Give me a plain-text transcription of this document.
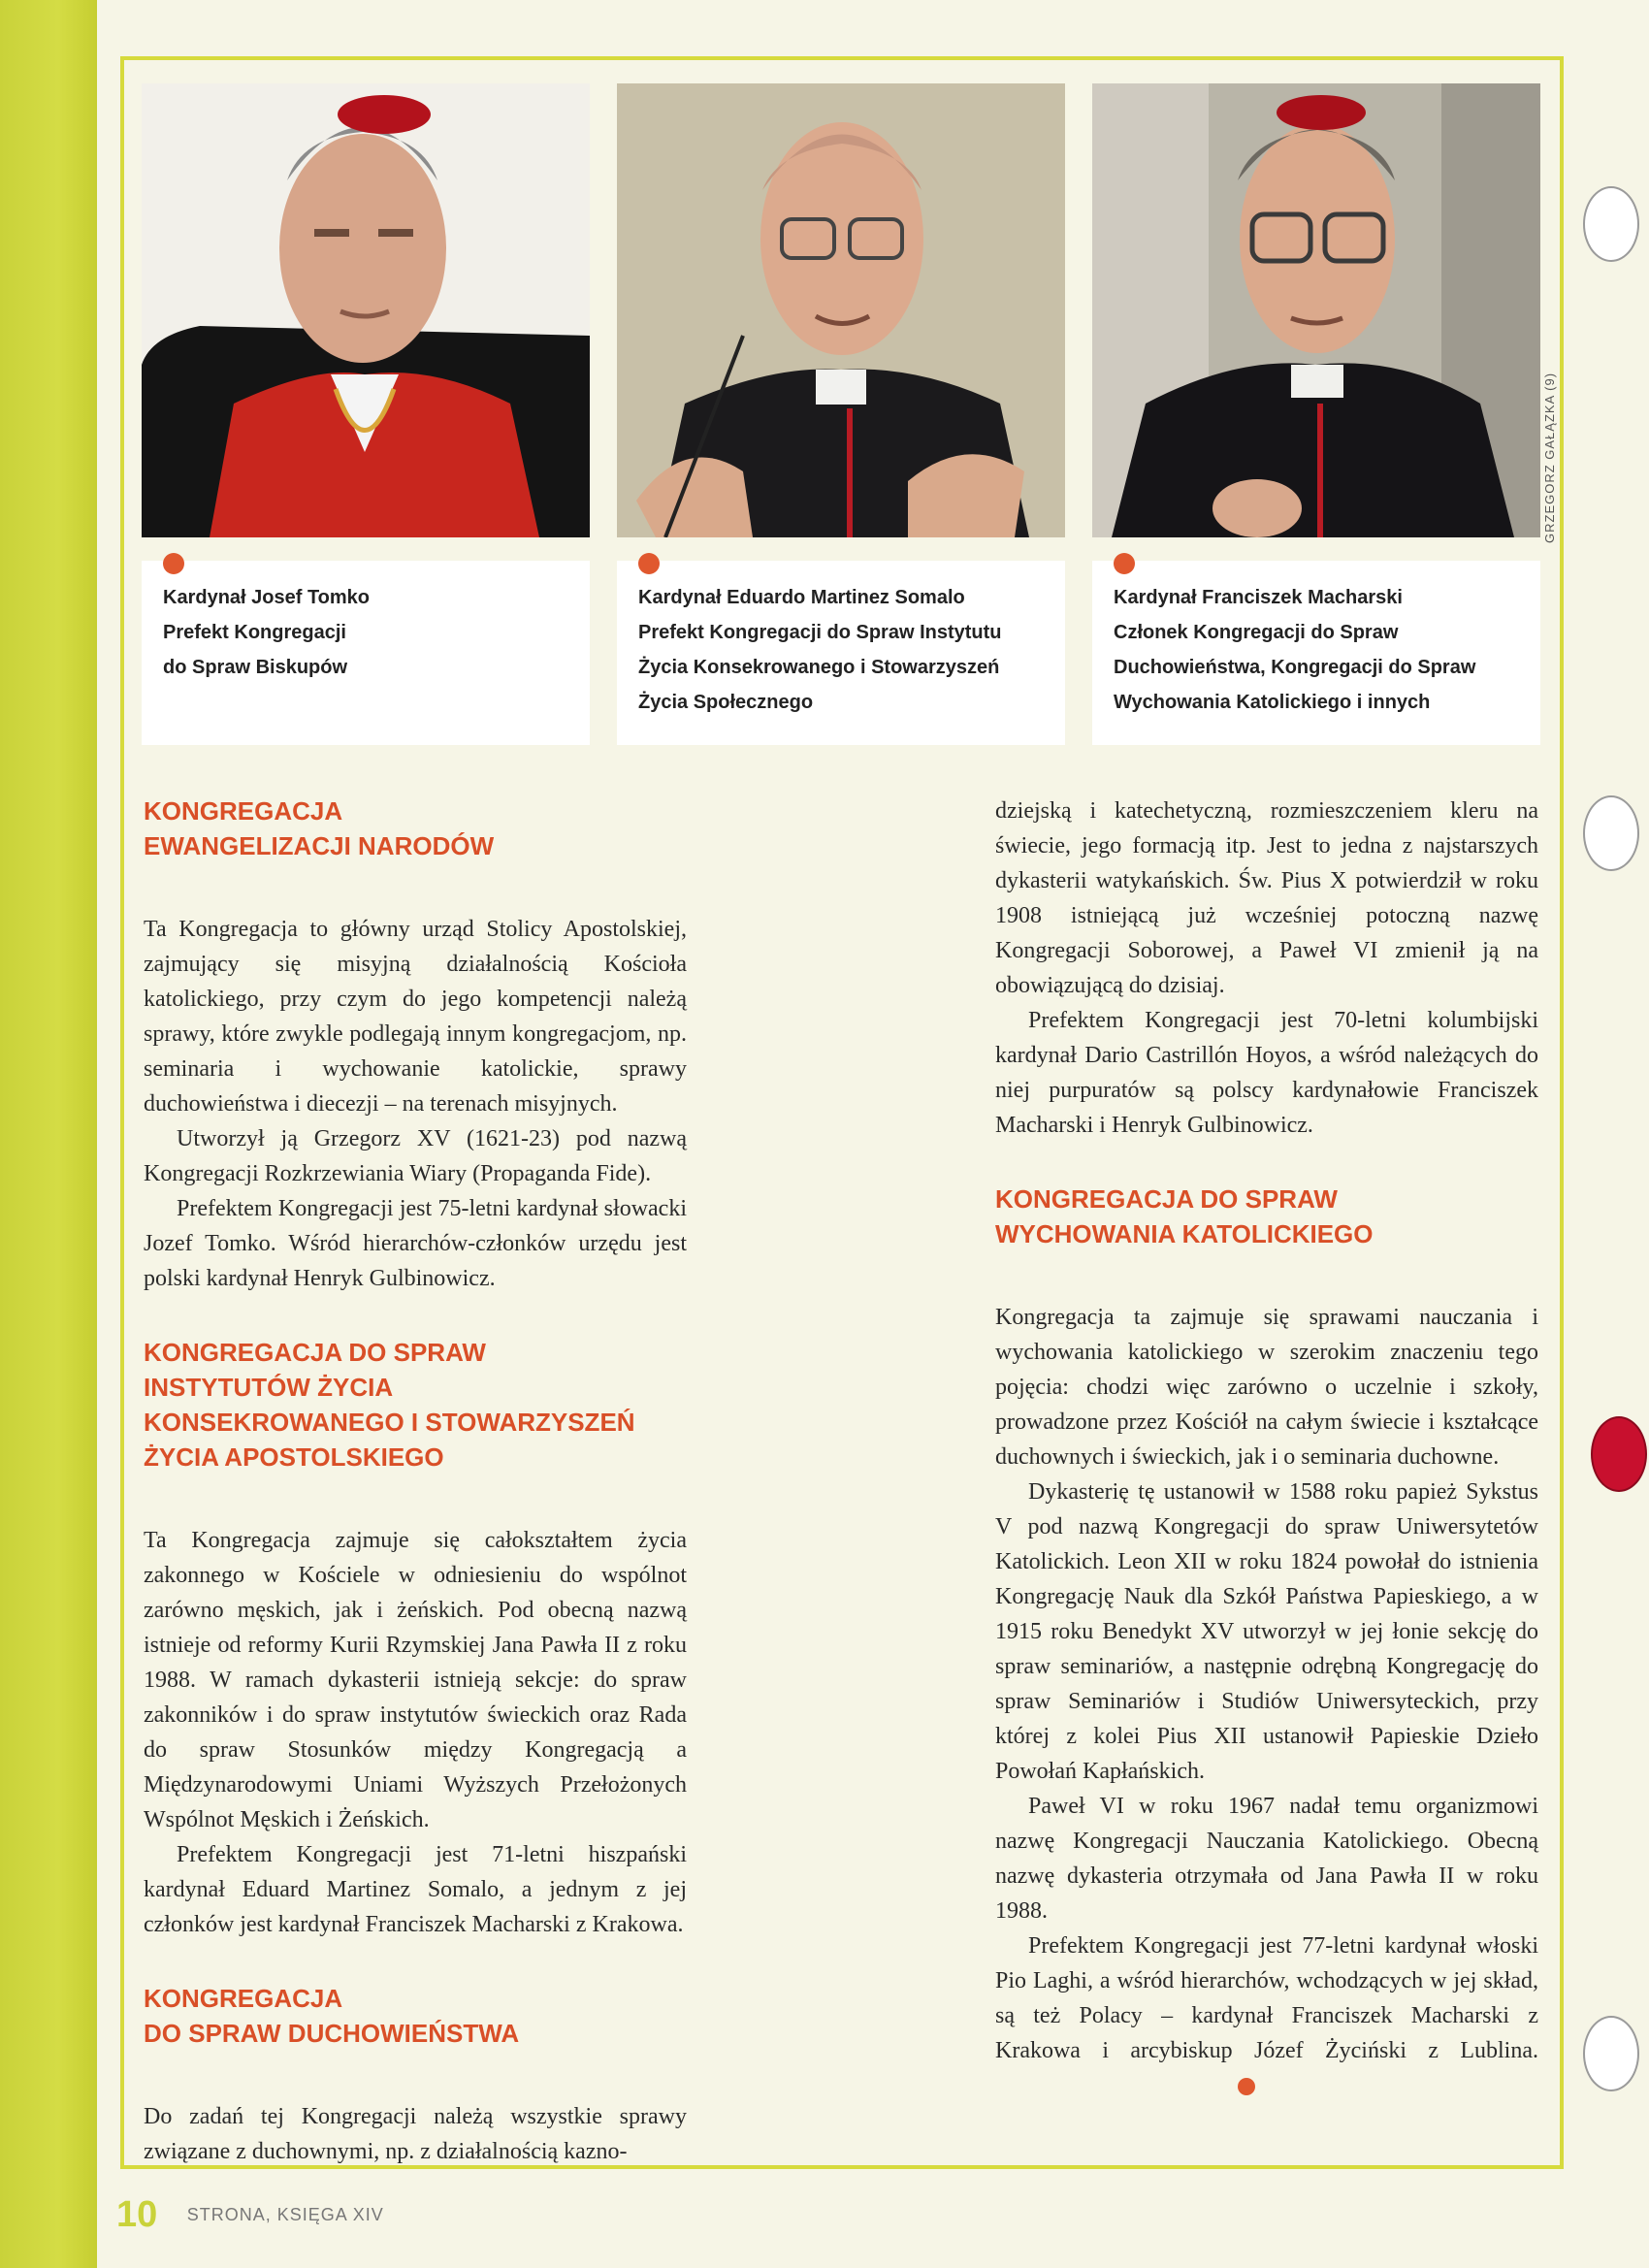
GRZEGORZ GAŁĄZKA (9)
Kardynał Josef Tomko
Prefekt Kongregacji
do Spraw Biskupów
Kardynał Eduardo Martinez Somalo
Prefekt Kongregacji do Spraw Instytutu
Życia Konsekrowanego i Stowarzyszeń
Życia Społecznego
Kardynał Franciszek Macharski
Członek Kongregacji do Spraw
Duchowieństwa, Kongregacji do Spraw
Wychowania Katolickiego i innych
KONGREGACJA
EWANGELIZACJI NARODÓW

Ta Kongregacja to główny urząd Stolicy Apostolskiej, zajmujący się misyjną działalnością Kościoła katolickiego, przy czym do jego kompetencji należą sprawy, które zwykle podlegają innym kongregacjom, np. seminaria i wychowanie katolickie, sprawy duchowieństwa i diecezji – na terenach misyjnych.

Utworzył ją Grzegorz XV (1621-23) pod nazwą Kongregacji Rozkrzewiania Wiary (Propaganda Fide).

Prefektem Kongregacji jest 75-letni kardynał słowacki Jozef Tomko. Wśród hierarchów-członków urzędu jest polski kardynał Henryk Gulbinowicz.

KONGREGACJA DO SPRAW
INSTYTUTÓW ŻYCIA
KONSEKROWANEGO I STOWARZYSZEŃ
ŻYCIA APOSTOLSKIEGO

Ta Kongregacja zajmuje się całokształtem życia zakonnego w Kościele w odniesieniu do wspólnot zarówno męskich, jak i żeńskich. Pod obecną nazwą istnieje od reformy Kurii Rzymskiej Jana Pawła II z roku 1988. W ramach dykasterii istnieją sekcje: do spraw zakonników i do spraw instytutów świeckich oraz Rada do spraw Stosunków między Kongregacją a Międzynarodowymi Uniami Wyższych Przełożonych Wspólnot Męskich i Żeńskich.

Prefektem Kongregacji jest 71-letni hiszpański kardynał Eduard Martinez Somalo, a jednym z jej członków jest kardynał Franciszek Macharski z Krakowa.

KONGREGACJA
DO SPRAW DUCHOWIEŃSTWA

Do zadań tej Kongregacji należą wszystkie sprawy związane z duchownymi, np. z działalnością kazno-

dziejską i katechetyczną, rozmieszczeniem kleru na świecie, jego formacją itp. Jest to jedna z najstarszych dykasterii watykańskich. Św. Pius X potwierdził w roku 1908 istniejącą już wcześniej potoczną nazwę Kongregacji Soborowej, a Paweł VI zmienił ją na obowiązującą do dzisiaj.

Prefektem Kongregacji jest 70-letni kolumbijski kardynał Dario Castrillón Hoyos, a wśród należących do niej purpuratów są polscy kardynałowie Franciszek Macharski i Henryk Gulbinowicz.

KONGREGACJA DO SPRAW
WYCHOWANIA KATOLICKIEGO

Kongregacja ta zajmuje się sprawami nauczania i wychowania katolickiego w szerokim znaczeniu tego pojęcia: chodzi więc zarówno o uczelnie i szkoły, prowadzone przez Kościół na całym świecie i kształcące duchownych i świeckich, jak i o seminaria duchowne.

Dykasterię tę ustanowił w 1588 roku papież Sykstus V pod nazwą Kongregacji do spraw Uniwersytetów Katolickich. Leon XII w roku 1824 powołał do istnienia Kongregację Nauk dla Szkół Państwa Papieskiego, a w 1915 roku Benedykt XV utworzył w jej łonie sekcję do spraw seminariów, a następnie odrębną Kongregację do spraw Seminariów i Studiów Uniwersyteckich, przy której z kolei Pius XII ustanowił Papieskie Dzieło Powołań Kapłańskich.

Paweł VI w roku 1967 nadał temu organizmowi nazwę Kongregacji Nauczania Katolickiego. Obecną nazwę dykasteria otrzymała od Jana Pawła II w roku 1988.

Prefektem Kongregacji jest 77-letni kardynał włoski Pio Laghi, a wśród hierarchów, wchodzących w jej skład, są też Polacy – kardynał Franciszek Macharski z Krakowa i arcybiskup Józef Życiński z Lublina.

10 STRONA, KSIĘGA XIV
